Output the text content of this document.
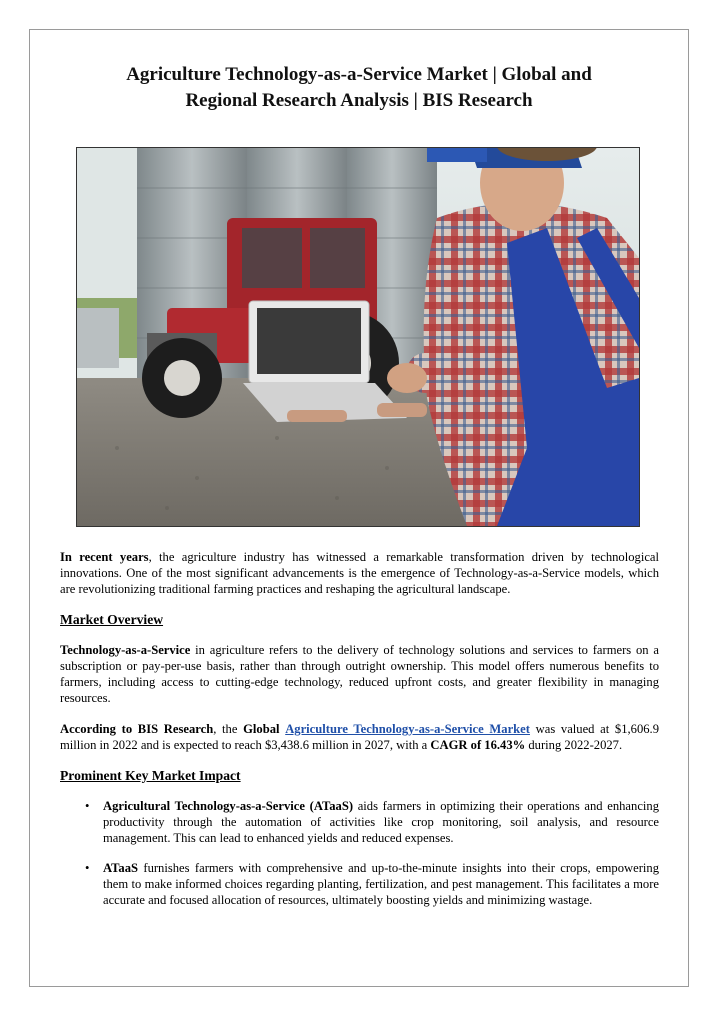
Agriculture Technology-as-a-Service Market | Global and
Regional Research Analysis | BIS Research

In recent years, the agriculture industry has witnessed a remarkable transformation driven by technological innovations. One of the most significant advancements is the emergence of Technology-as-a-Service models, which are revolutionizing traditional farming practices and reshaping the agricultural landscape.

Market Overview

Technology-as-a-Service in agriculture refers to the delivery of technology solutions and services to farmers on a subscription or pay-per-use basis, rather than through outright ownership. This model offers numerous benefits to farmers, including access to cutting-edge technology, reduced upfront costs, and greater flexibility in managing resources.

According to BIS Research, the Global Agriculture Technology-as-a-Service Market was valued at $1,606.9 million in 2022 and is expected to reach $3,438.6 million in 2027, with a CAGR of 16.43% during 2022-2027.

Prominent Key Market Impact
• Agricultural Technology-as-a-Service (ATaaS) aids farmers in optimizing their operations and enhancing productivity through the automation of activities like crop monitoring, soil analysis, and resource management. This can lead to enhanced yields and reduced expenses.
• ATaaS furnishes farmers with comprehensive and up-to-the-minute insights into their crops, empowering them to make informed choices regarding planting, fertilization, and pest management. This facilitates a more accurate and focused allocation of resources, ultimately boosting yields and minimizing wastage.
